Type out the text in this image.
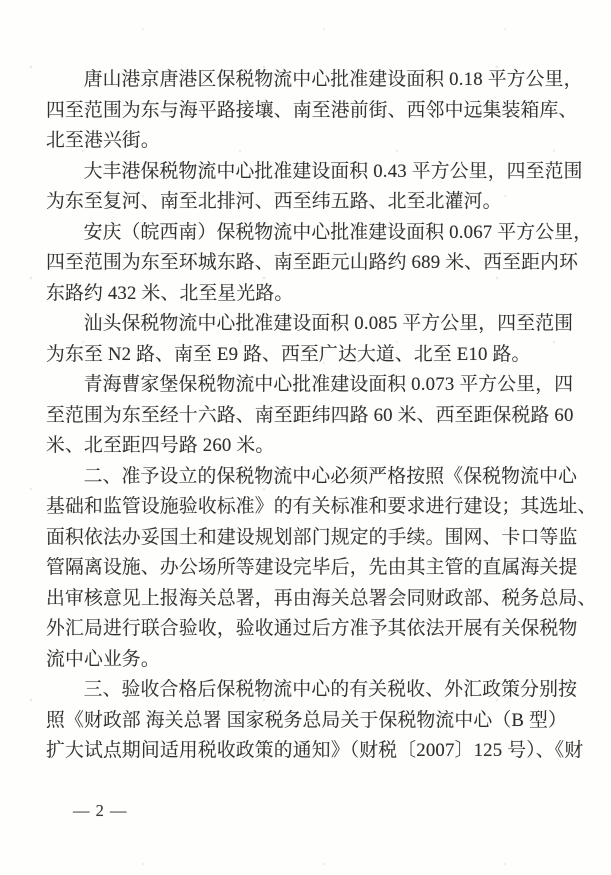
唐山港京唐港区保税物流中心批准建设面积 0.18 平方公里，
四至范围为东与海平路接壤、南至港前街、西邻中远集装箱库、
北至港兴街。
大丰港保税物流中心批准建设面积 0.43 平方公里，四至范围
为东至复河、南至北排河、西至纬五路、北至北灌河。
安庆（皖西南）保税物流中心批准建设面积 0.067 平方公里，
四至范围为东至环城东路、南至距元山路约 689 米、西至距内环
东路约 432 米、北至星光路。
汕头保税物流中心批准建设面积 0.085 平方公里，四至范围
为东至 N2 路、南至 E9 路、西至广达大道、北至 E10 路。
青海曹家堡保税物流中心批准建设面积 0.073 平方公里，四
至范围为东至经十六路、南至距纬四路 60 米、西至距保税路 60
米、北至距四号路 260 米。
二、准予设立的保税物流中心必须严格按照《保税物流中心
基础和监管设施验收标准》的有关标准和要求进行建设；其选址、
面积依法办妥国土和建设规划部门规定的手续。围网、卡口等监
管隔离设施、办公场所等建设完毕后，先由其主管的直属海关提
出审核意见上报海关总署，再由海关总署会同财政部、税务总局、
外汇局进行联合验收，验收通过后方准予其依法开展有关保税物
流中心业务。
三、验收合格后保税物流中心的有关税收、外汇政策分别按
照《财政部 海关总署 国家税务总局关于保税物流中心（B 型）
扩大试点期间适用税收政策的通知》（财税〔2007〕125 号）、《财
— 2 —
